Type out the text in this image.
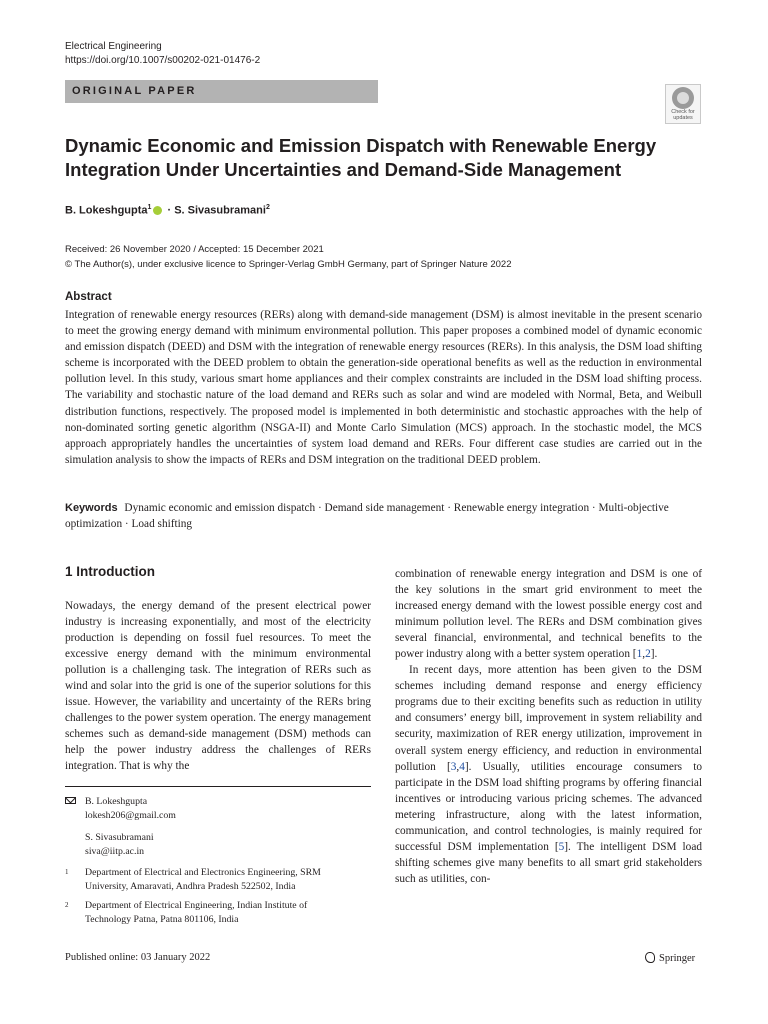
Electrical Engineering
https://doi.org/10.1007/s00202-021-01476-2
ORIGINAL PAPER
Check for
updates
Dynamic Economic and Emission Dispatch with Renewable Energy
Integration Under Uncertainties and Demand-Side Management
B. Lokeshgupta$^1$ · S. Sivasubramani$^2$
Received: 26 November 2020 / Accepted: 15 December 2021
© The Author(s), under exclusive licence to Springer-Verlag GmbH Germany, part of Springer Nature 2022
Abstract
Integration of renewable energy resources (RERs) along with demand-side management (DSM) is almost inevitable in the present scenario to meet the growing energy demand with minimum environmental pollution. This paper proposes a combined model of dynamic economic and emission dispatch (DEED) and DSM with the integration of renewable energy resources (RERs). In this analysis, the DSM load shifting scheme is incorporated with the DEED problem to obtain the generation-side operational benefits as well as the reduction in environmental pollution level. In this study, various smart home appliances and their complex constraints are included in the DSM load shifting process. The variability and stochastic nature of the load demand and RERs such as solar and wind are modeled with Normal, Beta, and Weibull distribution functions, respectively. The proposed model is implemented in both deterministic and stochastic approaches with the help of non-dominated sorting genetic algorithm (NSGA-II) and Monte Carlo Simulation (MCS) approach. In the stochastic model, the MCS approach appropriately handles the uncertainties of system load demand and RERs. Four different case studies are carried out in the simulation analysis to show the impacts of RERs and DSM integration on the traditional DEED problem.
Keywords Dynamic economic and emission dispatch · Demand side management · Renewable energy integration · Multi-objective optimization · Load shifting
1 Introduction

Nowadays, the energy demand of the present electrical power industry is increasing exponentially, and most of the electricity production is depending on fossil fuel resources. To meet the excessive energy demand with the minimum environmental pollution is a challenging task. The integration of RERs such as wind and solar into the grid is one of the superior solutions for this issue. However, the variability and uncertainty of the RERs bring challenges to the power system operation. The energy management schemes such as demand-side management (DSM) methods can help the power industry address the challenges of RERs integration. That is why the

combination of renewable energy integration and DSM is one of the key solutions in the smart grid environment to meet the increased energy demand with the lowest possible energy cost and minimum pollution level. The RERs and DSM combination gives several financial, environmental, and technical benefits to the power industry along with a better system operation [1,2].

In recent days, more attention has been given to the DSM schemes including demand response and energy efficiency programs due to their exciting benefits such as reduction in utility and consumers’ energy bill, improvement in system reliability and security, maximization of RER energy utilization, improvement in overall system energy efficiency, and reduction in environmental pollution [3,4]. Usually, utilities encourage consumers to participate in the DSM load shifting programs by offering financial incentives or introducing various pricing schemes. The advanced metering infrastructure, along with the latest information, communication, and control technologies, is mainly required for successful DSM implementation [5]. The intelligent DSM load shifting schemes give many benefits to all smart grid stakeholders such as utilities, con-

B. Lokeshgupta
lokesh206@gmail.com
S. Sivasubramani
siva@iitp.ac.in
1 Department of Electrical and Electronics Engineering, SRM
University, Amaravati, Andhra Pradesh 522502, India
2 Department of Electrical Engineering, Indian Institute of
Technology Patna, Patna 801106, India
Published online: 03 January 2022	Springer
